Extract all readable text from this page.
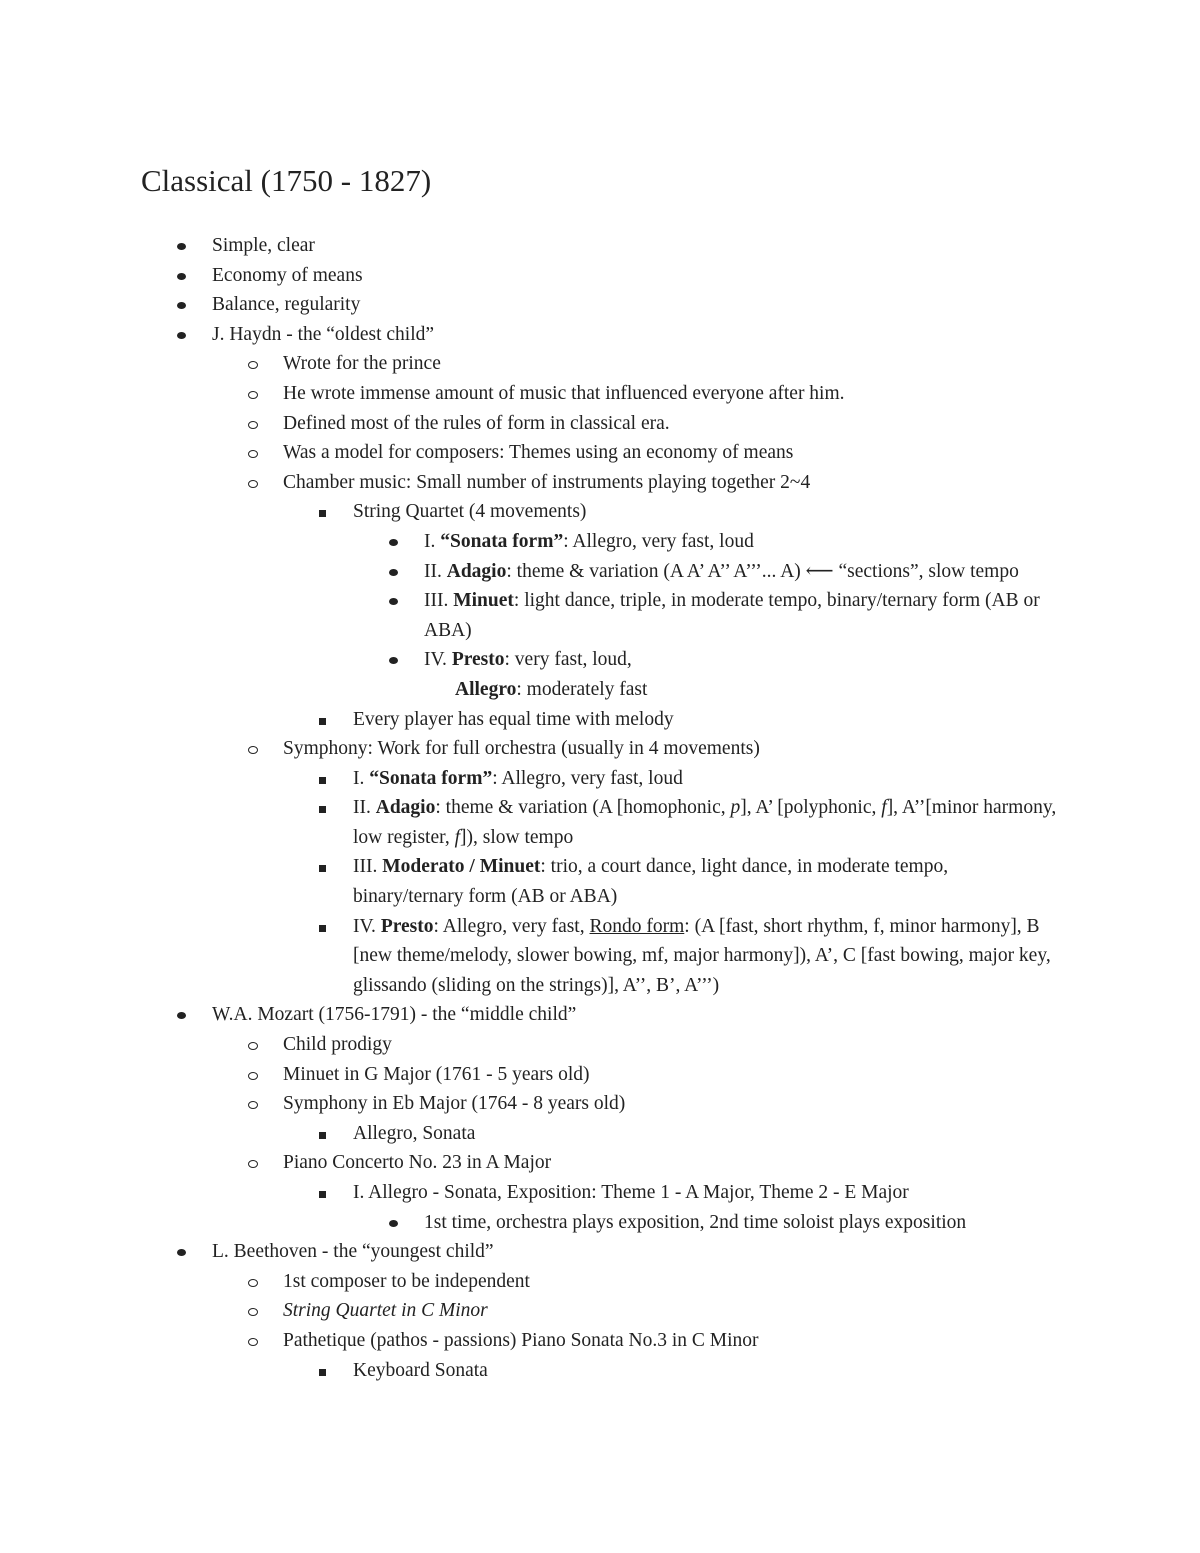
Classical (1750 - 1827)
Simple, clear
Economy of means
Balance, regularity
J. Haydn - the “oldest child”
Wrote for the prince
He wrote immense amount of music that influenced everyone after him.
Defined most of the rules of form in classical era.
Was a model for composers: Themes using an economy of means
Chamber music: Small number of instruments playing together 2~4
String Quartet (4 movements)
I. “Sonata form”: Allegro, very fast, loud
II. Adagio: theme & variation (A A’ A’’ A’’’... A) ⟵ “sections”, slow tempo
III. Minuet: light dance, triple, in moderate tempo, binary/ternary form (AB or ABA)
IV. Presto: very fast, loud,
Allegro: moderately fast
Every player has equal time with melody
Symphony: Work for full orchestra (usually in 4 movements)
I. “Sonata form”: Allegro, very fast, loud
II. Adagio: theme & variation (A [homophonic, p], A’ [polyphonic, f], A’’[minor harmony, low register, f]), slow tempo
III. Moderato / Minuet: trio, a court dance, light dance, in moderate tempo, binary/ternary form (AB or ABA)
IV. Presto: Allegro, very fast, Rondo form: (A [fast, short rhythm, f, minor harmony], B [new theme/melody, slower bowing, mf, major harmony]), A’, C [fast bowing, major key, glissando (sliding on the strings)], A’’, B’, A’’’)
W.A. Mozart (1756-1791) - the “middle child”
Child prodigy
Minuet in G Major (1761 - 5 years old)
Symphony in Eb Major (1764 - 8 years old)
Allegro, Sonata
Piano Concerto No. 23 in A Major
I. Allegro - Sonata, Exposition: Theme 1 - A Major, Theme 2 - E Major
1st time, orchestra plays exposition, 2nd time soloist plays exposition
L. Beethoven - the “youngest child”
1st composer to be independent
String Quartet in C Minor
Pathetique (pathos - passions) Piano Sonata No.3 in C Minor
Keyboard Sonata
